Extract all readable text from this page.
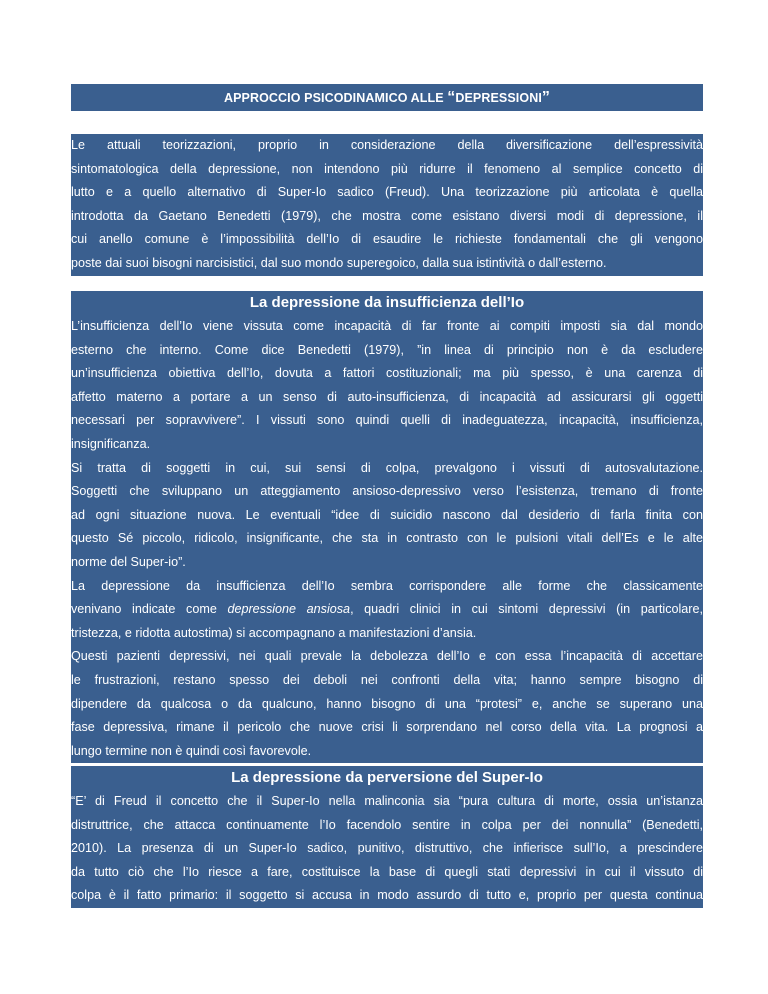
APPROCCIO PSICODINAMICO ALLE “DEPRESSIONI”
Le attuali teorizzazioni, proprio in considerazione della diversificazione dell’espressività
sintomatologica della depressione, non intendono più ridurre il fenomeno al semplice concetto di
lutto e a quello alternativo di Super-Io sadico (Freud). Una teorizzazione più articolata è quella
introdotta da Gaetano Benedetti (1979), che mostra come esistano diversi modi di depressione, il
cui anello comune è l’impossibilità dell’Io di esaudire le richieste fondamentali che gli vengono
poste dai suoi bisogni narcisistici, dal suo mondo superegoico, dalla sua istintività o dall’esterno.
La depressione da insufficienza dell’Io
L’insufficienza dell’Io viene vissuta come incapacità di far fronte ai compiti imposti sia dal mondo
esterno che interno. Come dice Benedetti (1979), ”in linea di principio non è da escludere
un’insufficienza obiettiva dell’Io, dovuta a fattori costituzionali; ma più spesso, è una carenza di
affetto materno a portare a un senso di auto-insufficienza, di incapacità ad assicurarsi gli oggetti
necessari per sopravvivere”. I vissuti sono quindi quelli di inadeguatezza, incapacità, insufficienza,
insignificanza.
Si tratta di soggetti in cui, sui sensi di colpa, prevalgono i vissuti di autosvalutazione.
Soggetti che sviluppano un atteggiamento ansioso-depressivo verso l’esistenza, tremano di fronte
ad ogni situazione nuova. Le eventuali “idee di suicidio nascono dal desiderio di farla finita con
questo Sé piccolo, ridicolo, insignificante, che sta in contrasto con le pulsioni vitali dell’Es e le alte
norme del Super-io”.
La depressione da insufficienza dell’Io sembra corrispondere alle forme che classicamente
venivano indicate come depressione ansiosa, quadri clinici in cui sintomi depressivi (in particolare,
tristezza, e ridotta autostima) si accompagnano a manifestazioni d’ansia.
Questi pazienti depressivi, nei quali prevale la debolezza dell’Io e con essa l’incapacità di accettare
le frustrazioni, restano spesso dei deboli nei confronti della vita; hanno sempre bisogno di
dipendere da qualcosa o da qualcuno, hanno bisogno di una “protesi” e, anche se superano una
fase depressiva, rimane il pericolo che nuove crisi li sorprendano nel corso della vita. La prognosi a
lungo termine non è quindi così favorevole.
La depressione da perversione del Super-Io
“E’ di Freud il concetto che il Super-Io nella malinconia sia “pura cultura di morte, ossia un’istanza
distruttrice, che attacca continuamente l’Io facendolo sentire in colpa per dei nonnulla” (Benedetti,
2010). La presenza di un Super-Io sadico, punitivo, distruttivo, che infierisce sull’Io, a prescindere
da tutto ciò che l’Io riesce a fare, costituisce la base di quegli stati depressivi in cui il vissuto di
colpa è il fatto primario: il soggetto si accusa in modo assurdo di tutto e, proprio per questa continua
